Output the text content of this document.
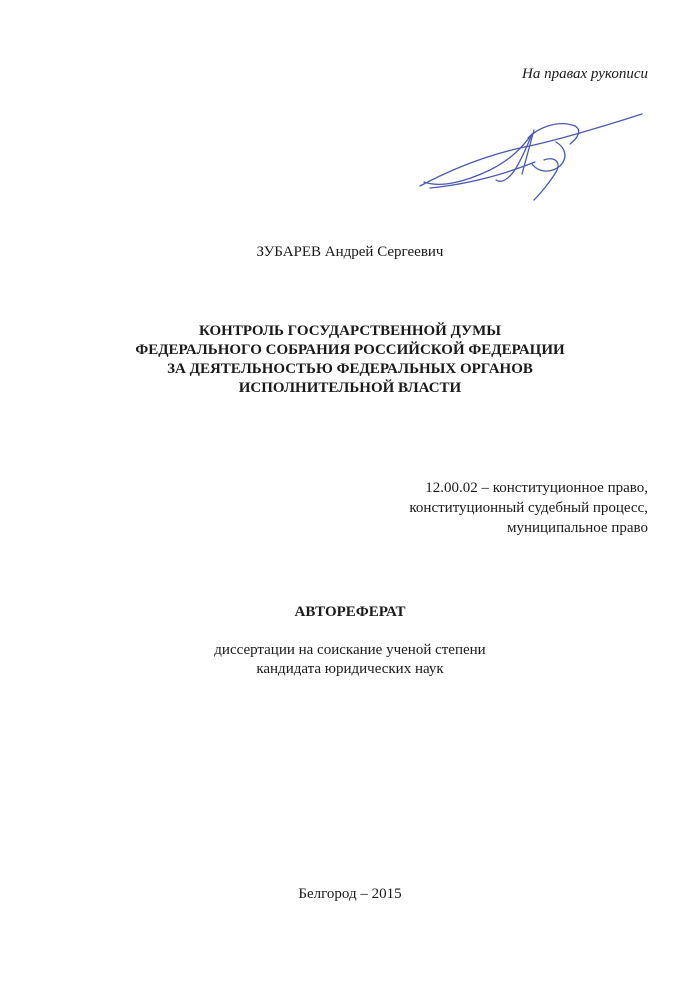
На правах рукописи
ЗУБАРЕВ Андрей Сергеевич
КОНТРОЛЬ ГОСУДАРСТВЕННОЙ ДУМЫ
ФЕДЕРАЛЬНОГО СОБРАНИЯ РОССИЙСКОЙ ФЕДЕРАЦИИ
ЗА ДЕЯТЕЛЬНОСТЬЮ ФЕДЕРАЛЬНЫХ ОРГАНОВ
ИСПОЛНИТЕЛЬНОЙ ВЛАСТИ
12.00.02 – конституционное право,
конституционный судебный процесс,
муниципальное право
АВТОРЕФЕРАТ
диссертации на соискание ученой степени
кандидата юридических наук
Белгород – 2015
